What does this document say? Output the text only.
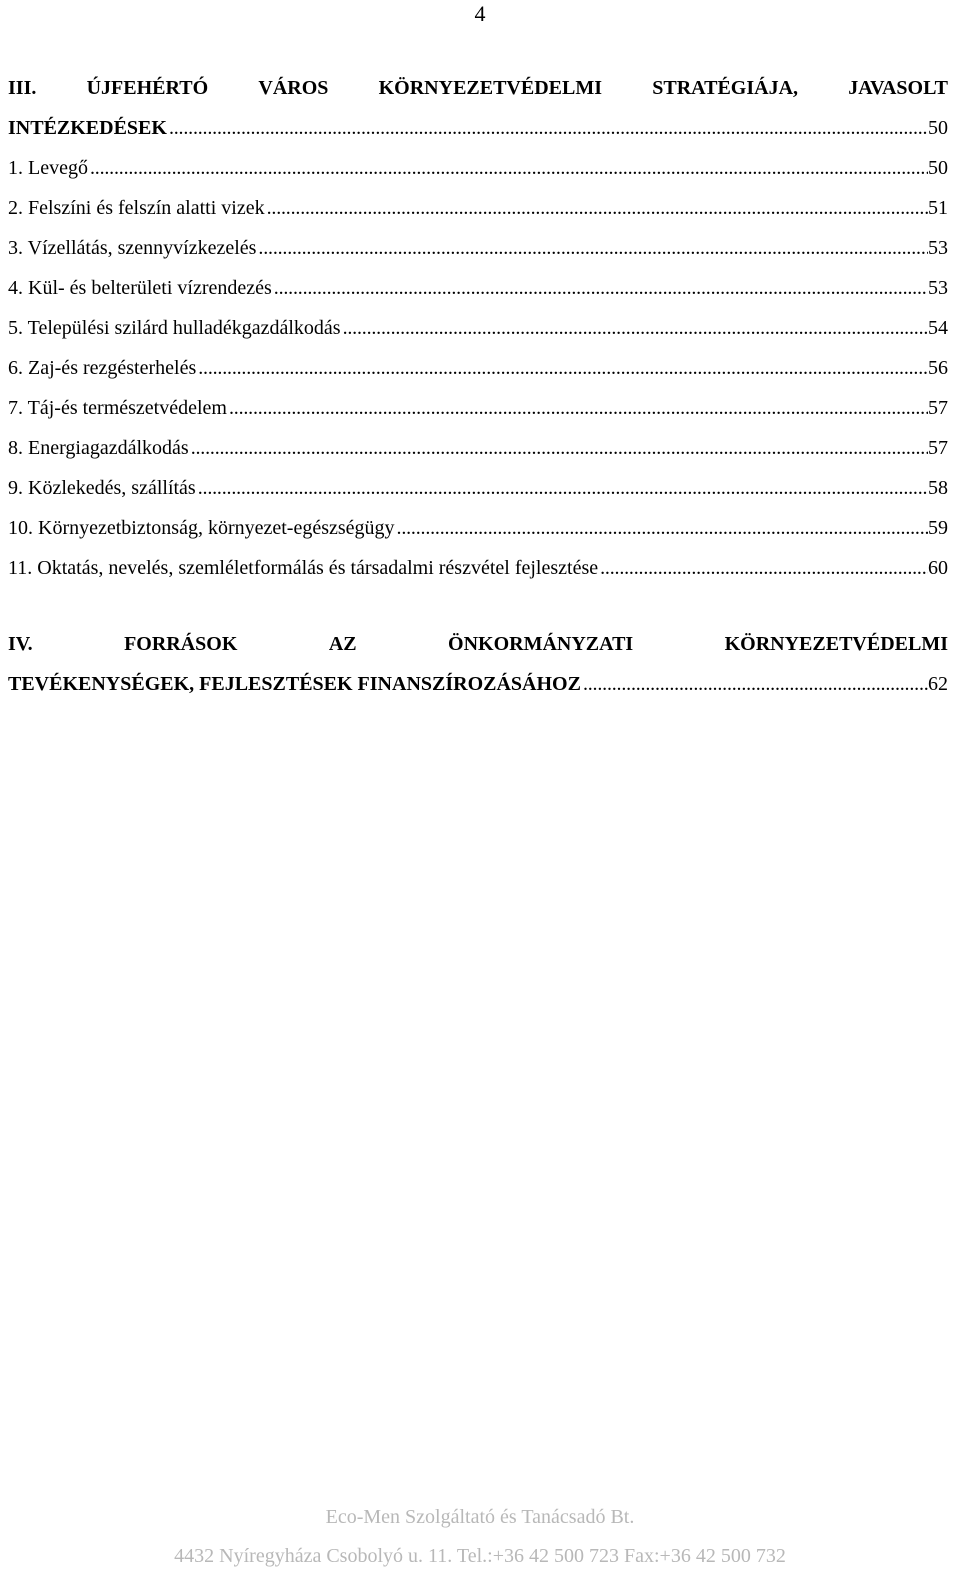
4
III.	ÚJFEHÉRTÓ	VÁROS	KÖRNYEZETVÉDELMI	STRATÉGIÁJA,	JAVASOLT
INTÉZKEDÉSEK . . .	50
1. Levegő . . .	50
2. Felszíni és felszín alatti vizek . . .	51
3. Vízellátás, szennyvízkezelés . . .	53
4. Kül- és belterületi vízrendezés . . .	53
5. Települési szilárd hulladékgazdálkodás . . .	54
6. Zaj-és rezgésterhelés . . .	56
7. Táj-és természetvédelem . . .	57
8. Energiagazdálkodás . . .	57
9. Közlekedés, szállítás . . .	58
10. Környezetbiztonság, környezet-egészségügy . . .	59
11. Oktatás, nevelés, szemléletformálás és társadalmi részvétel fejlesztése . . .	60
IV.	FORRÁSOK	AZ	ÖNKORMÁNYZATI	KÖRNYEZETVÉDELMI
TEVÉKENYSÉGEK, FEJLESZTÉSEK FINANSZÍROZÁSÁHOZ . . .	62
Eco-Men Szolgáltató és Tanácsadó Bt.
4432 Nyíregyháza Csobolyó u. 11. Tel.:+36 42 500 723 Fax:+36 42 500 732
